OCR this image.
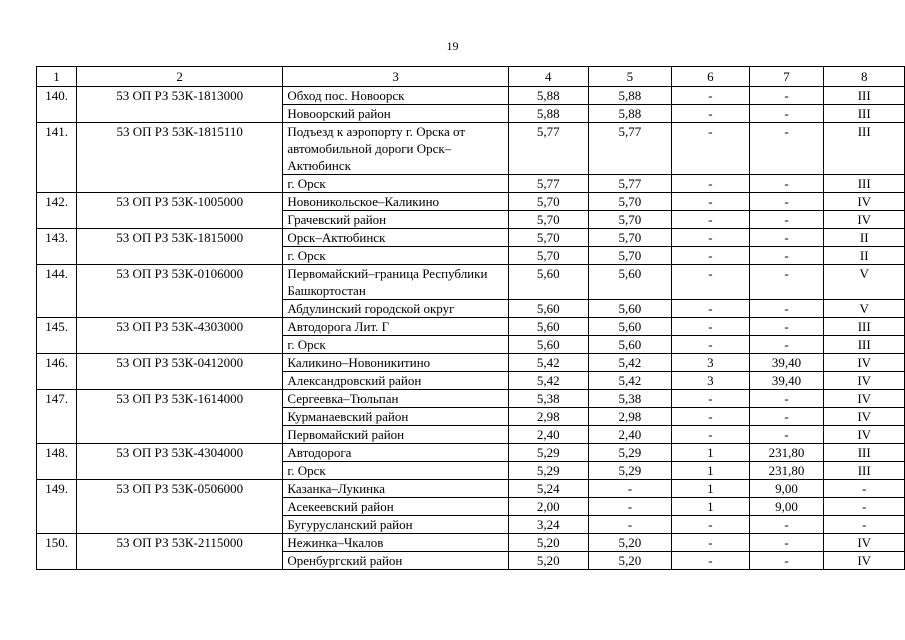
19
1	2	3	4	5	6	7	8
140.	53 ОП РЗ 53К-1813000	Обход пос. Новоорск	5,88	5,88	-	-	III
		Новоорский район	5,88	5,88	-	-	III
141.	53 ОП РЗ 53К-1815110	Подъезд к аэропорту г. Орска от автомобильной дороги Орск–Актюбинск	5,77	5,77	-	-	III
		г. Орск	5,77	5,77	-	-	III
142.	53 ОП РЗ 53К-1005000	Новоникольское–Каликино	5,70	5,70	-	-	IV
		Грачевский район	5,70	5,70	-	-	IV
143.	53 ОП РЗ 53К-1815000	Орск–Актюбинск	5,70	5,70	-	-	II
		г. Орск	5,70	5,70	-	-	II
144.	53 ОП РЗ 53К-0106000	Первомайский–граница Республики Башкортостан	5,60	5,60	-	-	V
		Абдулинский городской округ	5,60	5,60	-	-	V
145.	53 ОП РЗ 53К-4303000	Автодорога Лит. Г	5,60	5,60	-	-	III
		г. Орск	5,60	5,60	-	-	III
146.	53 ОП РЗ 53К-0412000	Каликино–Новоникитино	5,42	5,42	3	39,40	IV
		Александровский район	5,42	5,42	3	39,40	IV
147.	53 ОП РЗ 53К-1614000	Сергеевка–Тюльпан	5,38	5,38	-	-	IV
		Курманаевский район	2,98	2,98	-	-	IV
		Первомайский район	2,40	2,40	-	-	IV
148.	53 ОП РЗ 53К-4304000	Автодорога	5,29	5,29	1	231,80	III
		г. Орск	5,29	5,29	1	231,80	III
149.	53 ОП РЗ 53К-0506000	Казанка–Лукинка	5,24	-	1	9,00	-
		Асекеевский район	2,00	-	1	9,00	-
		Бугурусланский район	3,24	-	-	-	-
150.	53 ОП РЗ 53К-2115000	Нежинка–Чкалов	5,20	5,20	-	-	IV
		Оренбургский район	5,20	5,20	-	-	IV
